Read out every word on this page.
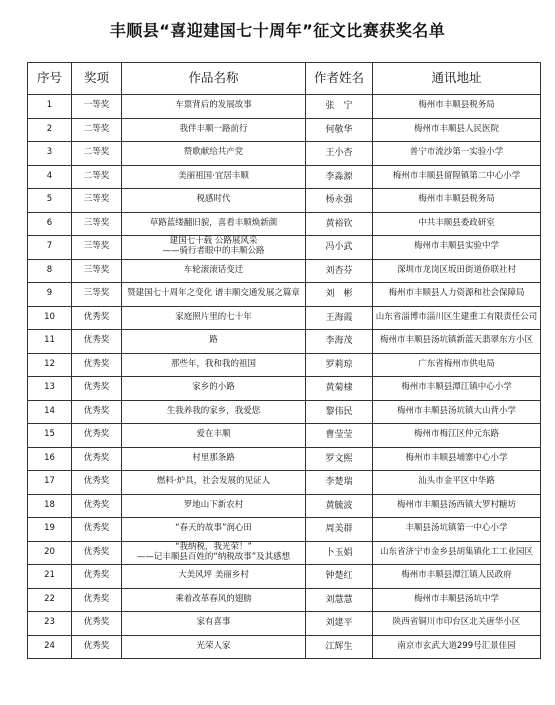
丰顺县“喜迎建国七十周年”征文比赛获奖名单
序号	奖项	作品名称	作者姓名	通讯地址
1	一等奖	车票背后的发展故事	张　宁	梅州市丰顺县税务局
2	二等奖	我伴丰顺一路前行	何敬华	梅州市丰顺县人民医院
3	二等奖	赞歌献给共产党	王小杏	普宁市流沙第一实验小学
4	二等奖	美丽祖国·宜居丰顺	李淼源	梅州市丰顺县留隍镇第二中心小学
5	三等奖	税感时代	杨永强	梅州市丰顺县税务局
6	三等奖	草路蓝缕翻旧貌，喜看丰顺焕新颜	黄裕钦	中共丰顺县委政研室
7	三等奖	建国七十载 公路展风采
——骑行者眼中的丰顺公路	冯小武	梅州市丰顺县实验中学
8	三等奖	车轮滚滚话变迁	刘杏芬	深圳市龙岗区坂田街道侨联社村
9	三等奖	赞建国七十周年之变化 谱丰顺交通发展之篇章	刘　彬	梅州市丰顺县人力资源和社会保障局
10	优秀奖	家庭照片里的七十年	王海霞	山东省淄博市淄川区生建重工有限责任公司
11	优秀奖	路	李海茂	梅州市丰顺县汤坑镇新蓝天翡翠东方小区
12	优秀奖	那些年，我和我的祖国	罗莉琼	广东省梅州市供电局
13	优秀奖	家乡的小路	黄菊棣	梅州市丰顺县潭江镇中心小学
14	优秀奖	生我养我的家乡，我爱您	黎伟民	梅州市丰顺县汤坑镇大山背小学
15	优秀奖	爱在丰顺	曹莹莹	梅州市梅江区仲元东路
16	优秀奖	村里那条路	罗文熙	梅州市丰顺县埔寨中心小学
17	优秀奖	燃料·炉具，社会发展的见证人	李楚瑞	汕头市金平区中华路
18	优秀奖	罗地山下新农村	黄毓波	梅州市丰顺县汤西镇大罗村糖坊
19	优秀奖	“春天的故事”润心田	周美群	丰顺县汤坑镇第一中心小学
20	优秀奖	“我纳税，我光荣！”
——记丰顺县百姓的“纳税故事”及其感想	卜玉娟	山东省济宁市金乡县胡集镇化工工业园区
21	优秀奖	大美风坪 美丽乡村	钟楚红	梅州市丰顺县潭江镇人民政府
22	优秀奖	乘着改革春风的翅膀	刘慧慧	梅州市丰顺县汤坑中学
23	优秀奖	家有喜事	刘建平	陕西省铜川市印台区北关唐华小区
24	优秀奖	光荣人家	江辉生	南京市玄武大道299号汇景佳园
